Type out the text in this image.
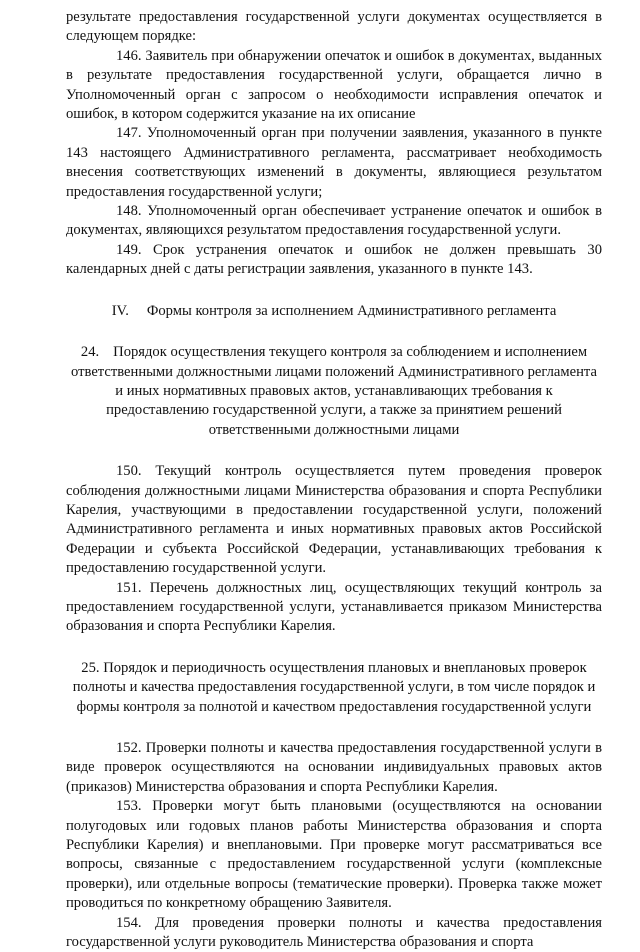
результате предоставления государственной услуги документах осуществляется в следующем порядке:

146. Заявитель при обнаружении опечаток и ошибок в документах, выданных в результате предоставления государственной услуги, обращается лично в Уполномоченный орган с запросом о необходимости исправления опечаток и ошибок, в котором содержится указание на их описание

147. Уполномоченный орган при получении заявления, указанного в пункте 143 настоящего Административного регламента, рассматривает необходимость внесения соответствующих изменений в документы, являющиеся результатом предоставления государственной услуги;

148. Уполномоченный орган обеспечивает устранение опечаток и ошибок в документах, являющихся результатом предоставления государственной услуги.

149. Срок устранения опечаток и ошибок не должен превышать 30 календарных дней с даты регистрации заявления, указанного в пункте 143.

IV. Формы контроля за исполнением Административного регламента

24. Порядок осуществления текущего контроля за соблюдением и исполнением ответственными должностными лицами положений Административного регламента и иных нормативных правовых актов, устанавливающих требования к предоставлению государственной услуги, а также за принятием решений ответственными должностными лицами

150. Текущий контроль осуществляется путем проведения проверок соблюдения должностными лицами Министерства образования и спорта Республики Карелия, участвующими в предоставлении государственной услуги, положений Административного регламента и иных нормативных правовых актов Российской Федерации и субъекта Российской Федерации, устанавливающих требования к предоставлению государственной услуги.

151. Перечень должностных лиц, осуществляющих текущий контроль за предоставлением государственной услуги, устанавливается приказом Министерства образования и спорта Республики Карелия.

25. Порядок и периодичность осуществления плановых и внеплановых проверок полноты и качества предоставления государственной услуги, в том числе порядок и формы контроля за полнотой и качеством предоставления государственной услуги

152. Проверки полноты и качества предоставления государственной услуги в виде проверок осуществляются на основании индивидуальных правовых актов (приказов) Министерства образования и спорта Республики Карелия.

153. Проверки могут быть плановыми (осуществляются на основании полугодовых или годовых планов работы Министерства образования и спорта Республики Карелия) и внеплановыми. При проверке могут рассматриваться все вопросы, связанные с предоставлением государственной услуги (комплексные проверки), или отдельные вопросы (тематические проверки). Проверка также может проводиться по конкретному обращению Заявителя.

154. Для проведения проверки полноты и качества предоставления государственной услуги руководитель Министерства образования и спорта
